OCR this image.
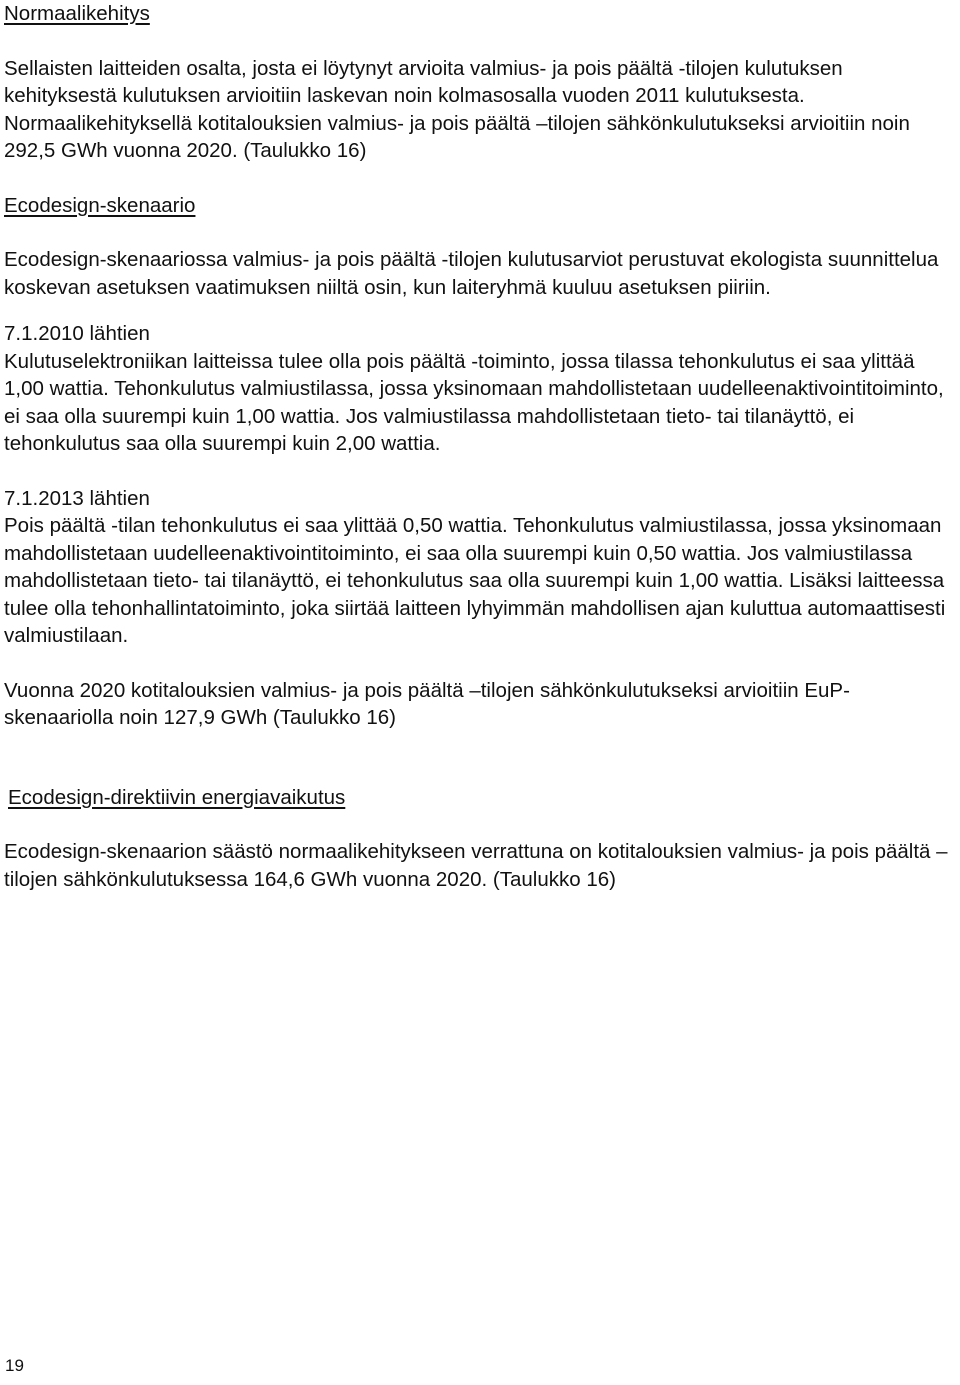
Normaalikehitys

Sellaisten laitteiden osalta, josta ei löytynyt arvioita valmius- ja pois päältä -tilojen kulutuksen kehityksestä kulutuksen arvioitiin laskevan noin kolmasosalla vuoden 2011 kulutuksesta. Normaalikehityksellä kotitalouksien valmius- ja pois päältä –tilojen sähkönkulutukseksi arvioitiin noin 292,5 GWh vuonna 2020. (Taulukko 16)

Ecodesign-skenaario

Ecodesign-skenaariossa valmius- ja pois päältä -tilojen kulutusarviot perustuvat ekologista suunnittelua koskevan asetuksen vaatimuksen niiltä osin, kun laiteryhmä kuuluu asetuksen piiriin.

7.1.2010 lähtien

Kulutuselektroniikan laitteissa tulee olla pois päältä -toiminto, jossa tilassa tehonkulutus ei saa ylittää 1,00 wattia. Tehonkulutus valmiustilassa, jossa yksinomaan mahdollistetaan uudelleenaktivointitoiminto, ei saa olla suurempi kuin 1,00 wattia. Jos valmiustilassa mahdollistetaan tieto- tai tilanäyttö, ei tehonkulutus saa olla suurempi kuin 2,00 wattia.

7.1.2013 lähtien

Pois päältä -tilan tehonkulutus ei saa ylittää 0,50 wattia. Tehonkulutus valmiustilassa, jossa yksinomaan mahdollistetaan uudelleenaktivointitoiminto, ei saa olla suurempi kuin 0,50 wattia. Jos valmiustilassa mahdollistetaan tieto- tai tilanäyttö, ei tehonkulutus saa olla suurempi kuin 1,00 wattia. Lisäksi laitteessa tulee olla tehonhallintatoiminto, joka siirtää laitteen lyhyimmän mahdollisen ajan kuluttua automaattisesti valmiustilaan.

Vuonna 2020 kotitalouksien valmius- ja pois päältä –tilojen sähkönkulutukseksi arvioitiin EuP-skenaariolla noin 127,9 GWh (Taulukko 16)

Ecodesign-direktiivin energiavaikutus

Ecodesign-skenaarion säästö normaalikehitykseen verrattuna on kotitalouksien valmius- ja pois päältä –tilojen sähkönkulutuksessa 164,6 GWh vuonna 2020. (Taulukko 16)

19
